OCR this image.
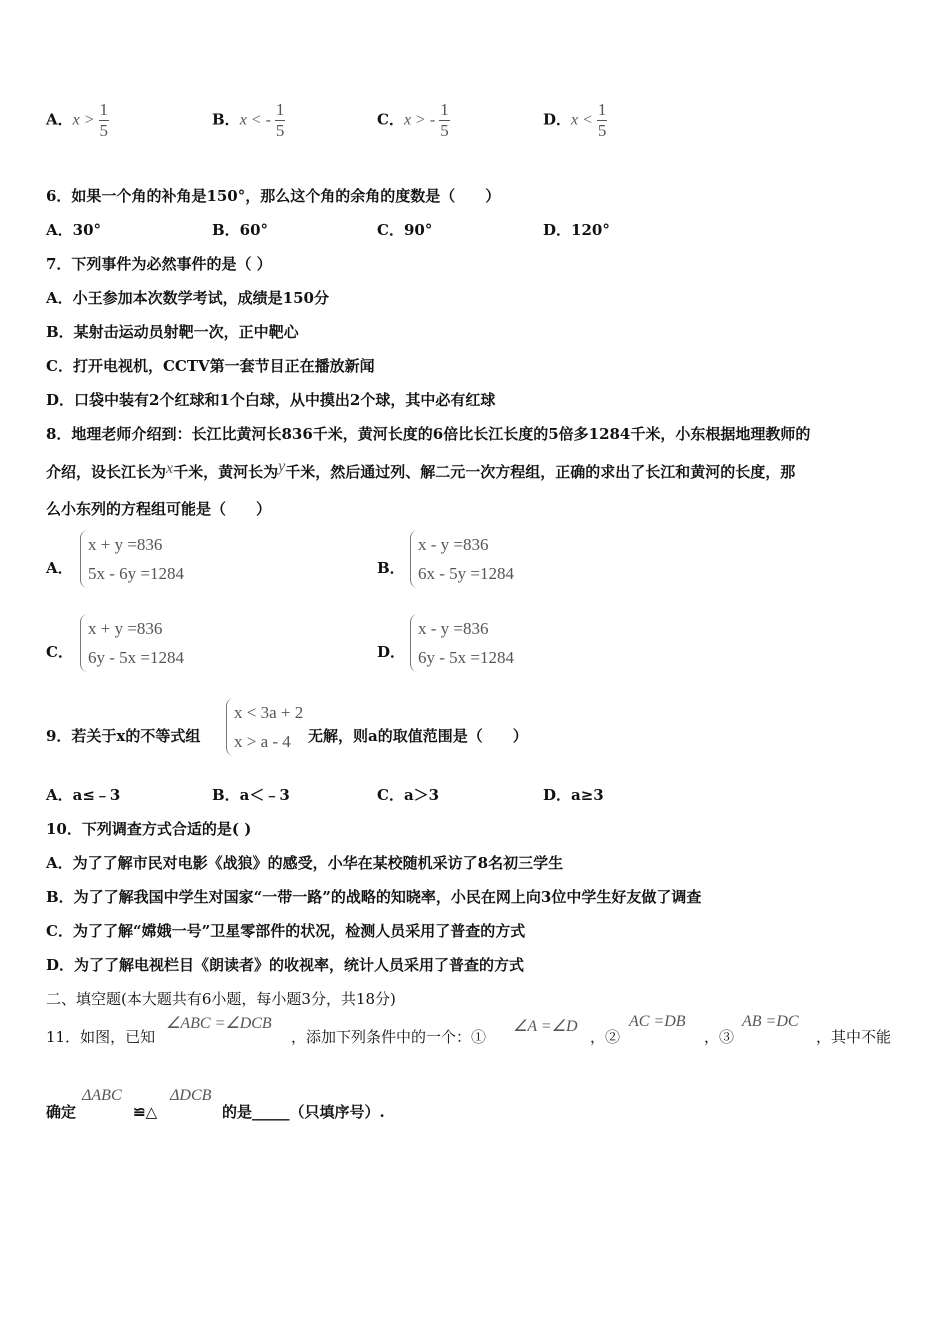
A．$x > \frac{1}{5}$	B．x < - $\frac{1}{5}$	C．x > - $\frac{1}{5}$	D．$x < \frac{1}{5}$
6．如果一个角的补角是150°，那么这个角的余角的度数是（　　）
A．30°	B．60°	C．90°	D．120°
7．下列事件为必然事件的是（ ）
A．小王参加本次数学考试，成绩是150分
B．某射击运动员射靶一次，正中靶心
C．打开电视机，CCTV第一套节目正在播放新闻
D．口袋中装有2个红球和1个白球，从中摸出2个球，其中必有红球
8．地理老师介绍到：长江比黄河长836千米，黄河长度的6倍比长江长度的5倍多1284千米，小东根据地理教师的
介绍，设长江长为x千米，黄河长为y千米，然后通过列、解二元一次方程组，正确的求出了长江和黄河的长度，那
么小东列的方程组可能是（　　）
A．
x + y =836
5x - 6y =1284	B．
x - y =836
6x - 5y =1284
C．
x + y =836
6y - 5x =1284	D．
x - y =836
6y - 5x =1284
9．若关于x的不等式组
x < 3a + 2
x > a - 4	无解，则a的取值范围是（　　）
A．a≤﹣3	B．a＜﹣3	C．a＞3	D．a≥3
10．下列调查方式合适的是( )
A．为了了解市民对电影《战狼》的感受，小华在某校随机采访了8名初三学生
B．为了了解我国中学生对国家“一带一路”的战略的知晓率，小民在网上向3位中学生好友做了调查
C．为了了解“嫦娥一号”卫星零部件的状况，检测人员采用了普查的方式
D．为了了解电视栏目《朗读者》的收视率，统计人员采用了普查的方式
二、填空题(本大题共有6小题，每小题3分，共18分)
11．如图，已知
∠ABC =∠DCB
，添加下列条件中的一个：①
∠A =∠D
，②
AC =DB
，③
AB =DC
，其中不能
确定
ΔABC
≌△
ΔDCB
的是_____（只填序号）.
